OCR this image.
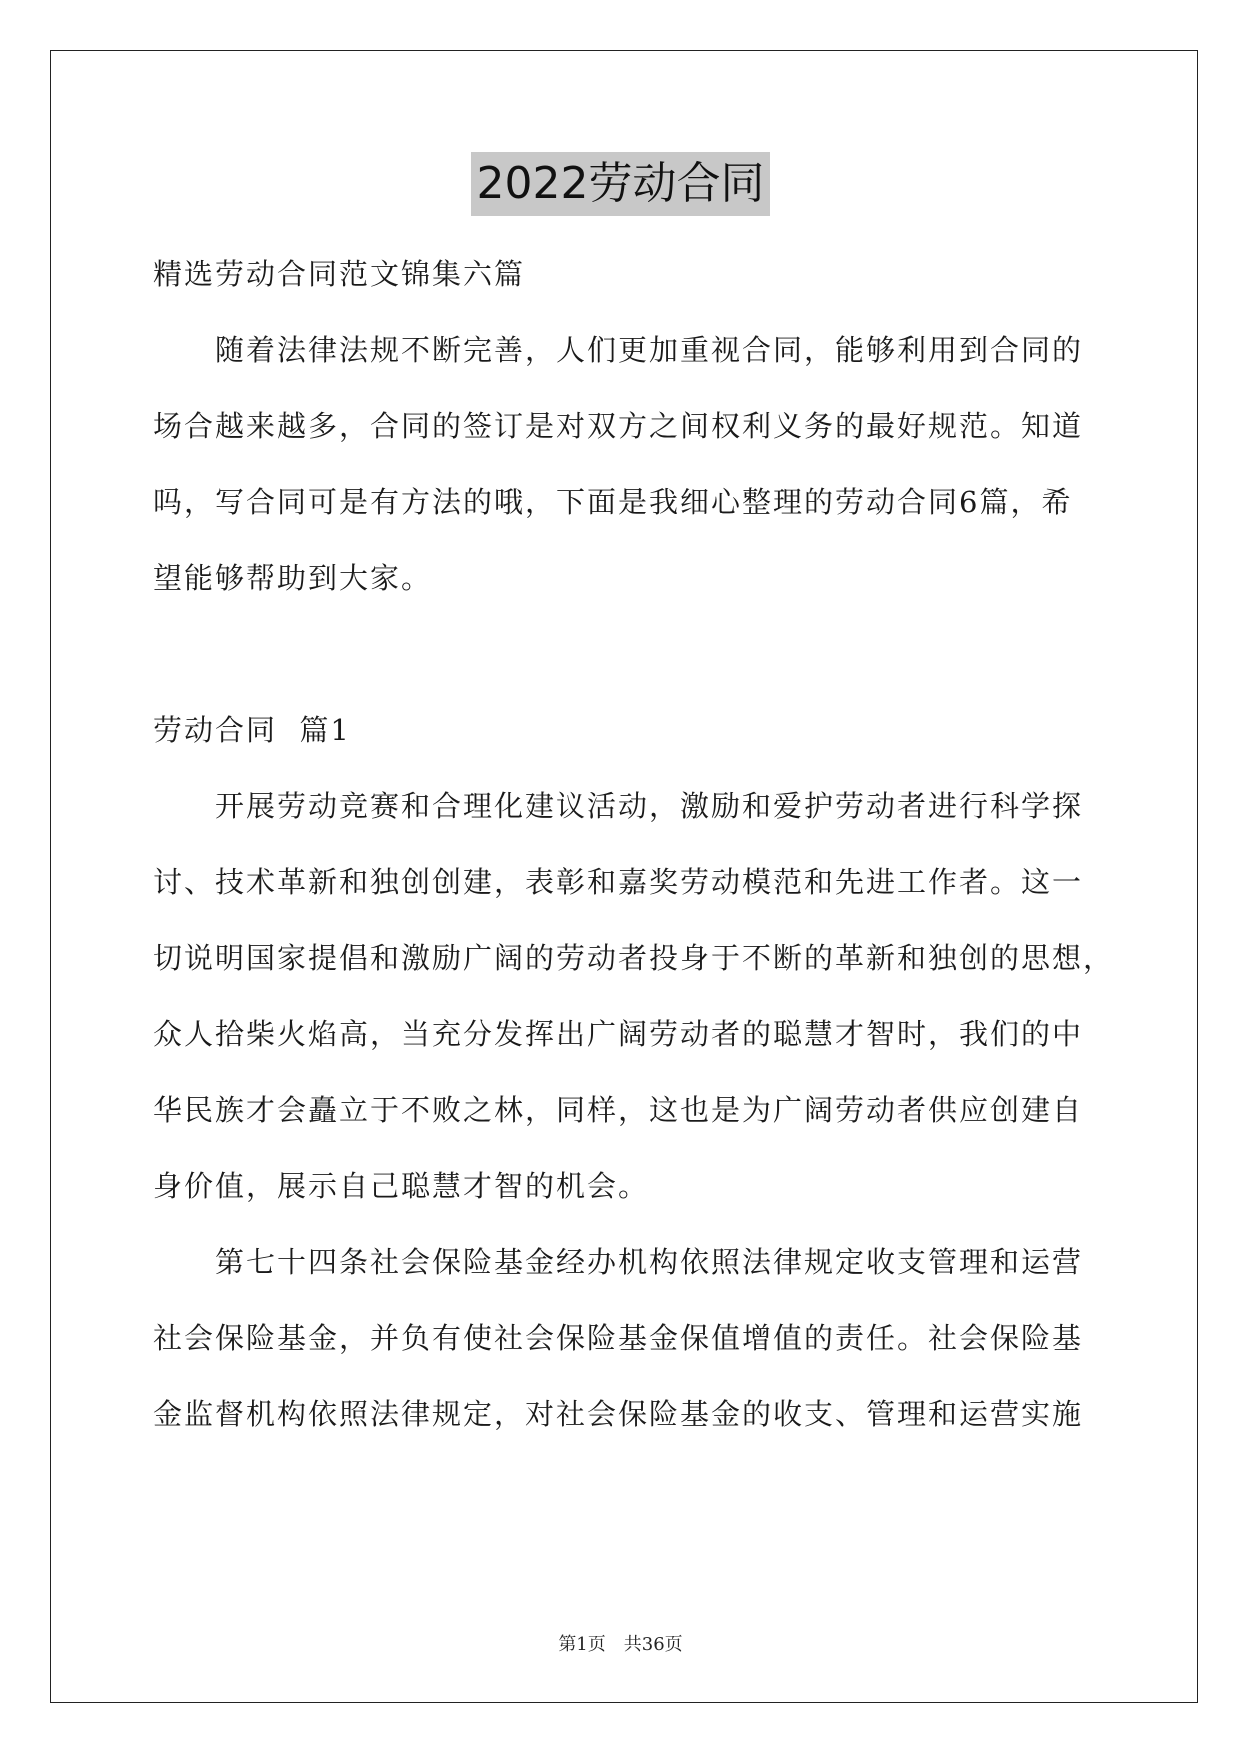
2022劳动合同
精选劳动合同范文锦集六篇
随着法律法规不断完善，人们更加重视合同，能够利用到合同的
场合越来越多，合同的签订是对双方之间权利义务的最好规范。知道
吗，写合同可是有方法的哦，下面是我细心整理的劳动合同6篇，希
望能够帮助到大家。
劳动合同  篇1
开展劳动竞赛和合理化建议活动，激励和爱护劳动者进行科学探
讨、技术革新和独创创建，表彰和嘉奖劳动模范和先进工作者。这一
切说明国家提倡和激励广阔的劳动者投身于不断的革新和独创的思想，
众人拾柴火焰高，当充分发挥出广阔劳动者的聪慧才智时，我们的中
华民族才会矗立于不败之林，同样，这也是为广阔劳动者供应创建自
身价值，展示自己聪慧才智的机会。
第七十四条社会保险基金经办机构依照法律规定收支管理和运营
社会保险基金，并负有使社会保险基金保值增值的责任。社会保险基
金监督机构依照法律规定，对社会保险基金的收支、管理和运营实施
第1页 共36页
